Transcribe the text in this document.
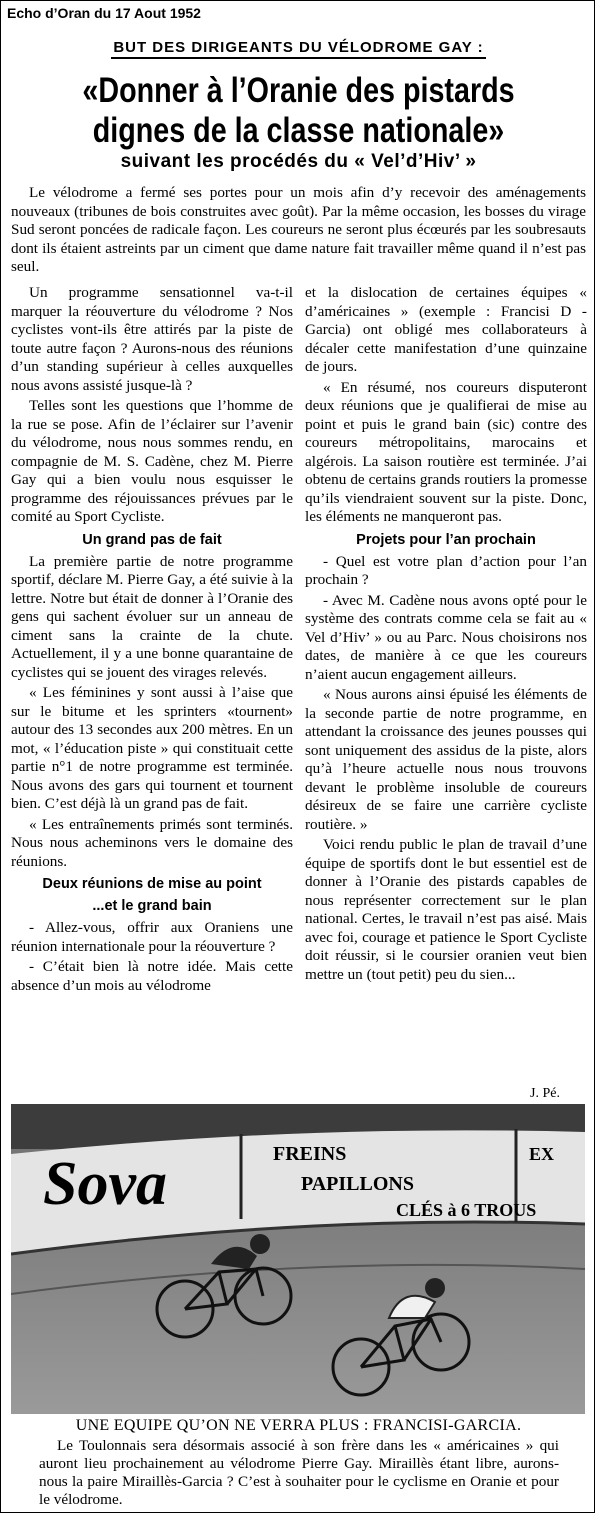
Echo d’Oran du 17 Aout 1952
BUT DES DIRIGEANTS DU VÉLODROME GAY :
«Donner à l’Oranie des pistards
dignes de la classe nationale»
suivant les procédés du « Vel’d’Hiv’ »

Le vélodrome a fermé ses portes pour un mois afin d’y recevoir des aménagements nouveaux (tribunes de bois construites avec goût). Par la même occasion, les bosses du virage Sud seront poncées de radicale façon. Les coureurs ne seront plus écœurés par les soubresauts dont ils étaient astreints par un ciment que dame nature fait travailler même quand il n’est pas seul.

Un programme sensationnel va-t-il marquer la réouverture du vélodrome ? Nos cyclistes vont-ils être attirés par la piste de toute autre façon ? Aurons-nous des réunions d’un standing supérieur à celles auxquelles nous avons assisté jusque-là ?

Telles sont les questions que l’homme de la rue se pose. Afin de l’éclairer sur l’avenir du vélodrome, nous nous sommes rendu, en compagnie de M. S. Cadène, chez M. Pierre Gay qui a bien voulu nous esquisser le programme des réjouissances prévues par le comité au Sport Cycliste.

Un grand pas de fait

La première partie de notre programme sportif, déclare M. Pierre Gay, a été suivie à la lettre. Notre but était de donner à l’Oranie des gens qui sachent évoluer sur un anneau de ciment sans la crainte de la chute. Actuellement, il y a une bonne quarantaine de cyclistes qui se jouent des virages relevés.

« Les féminines y sont aussi à l’aise que sur le bitume et les sprinters «tournent» autour des 13 secondes aux 200 mètres. En un mot, « l’éducation piste » qui constituait cette partie n°1 de notre programme est terminée. Nous avons des gars qui tournent et tournent bien. C’est déjà là un grand pas de fait.

« Les entraînements primés sont terminés. Nous nous acheminons vers le domaine des réunions.

Deux réunions de mise au point
...et le grand bain

- Allez-vous, offrir aux Oraniens une réunion internationale pour la réouverture ?

- C’était bien là notre idée. Mais cette absence d’un mois au vélodrome

et la dislocation de certaines équipes « d’américaines » (exemple : Francisi D - Garcia) ont obligé mes collaborateurs à décaler cette manifestation d’une quinzaine de jours.

« En résumé, nos coureurs disputeront deux réunions que je qualifierai de mise au point et puis le grand bain (sic) contre des coureurs métropolitains, marocains et algérois. La saison routière est terminée. J’ai obtenu de certains grands routiers la promesse qu’ils viendraient souvent sur la piste. Donc, les éléments ne manqueront pas.

Projets pour l’an prochain

- Quel est votre plan d’action pour l’an prochain ?

- Avec M. Cadène nous avons opté pour le système des contrats comme cela se fait au « Vel d’Hiv’ » ou au Parc. Nous choisirons nos dates, de manière à ce que les coureurs n’aient aucun engagement ailleurs.

« Nous aurons ainsi épuisé les éléments de la seconde partie de notre programme, en attendant la croissance des jeunes pousses qui sont uniquement des assidus de la piste, alors qu’à l’heure actuelle nous nous trouvons devant le problème insoluble de coureurs désireux de se faire une carrière cycliste routière. »

Voici rendu public le plan de travail d’une équipe de sportifs dont le but essentiel est de donner à l’Oranie des pistards capables de nous représenter correctement sur le plan national. Certes, le travail n’est pas aisé. Mais avec foi, courage et patience le Sport Cycliste doit réussir, si le coursier oranien veut bien mettre un (tout petit) peu du sien...

J. Pé.
Sova	FREINS
PAPILLONS
CLÉS à 6 TROUS
EX
UNE EQUIPE QU’ON NE VERRA PLUS : FRANCISI-GARCIA.

Le Toulonnais sera désormais associé à son frère dans les « américaines » qui auront lieu prochainement au vélodrome Pierre Gay. Miraillès étant libre, aurons-nous la paire Miraillès-Garcia ? C’est à souhaiter pour le cyclisme en Oranie et pour le vélodrome.
